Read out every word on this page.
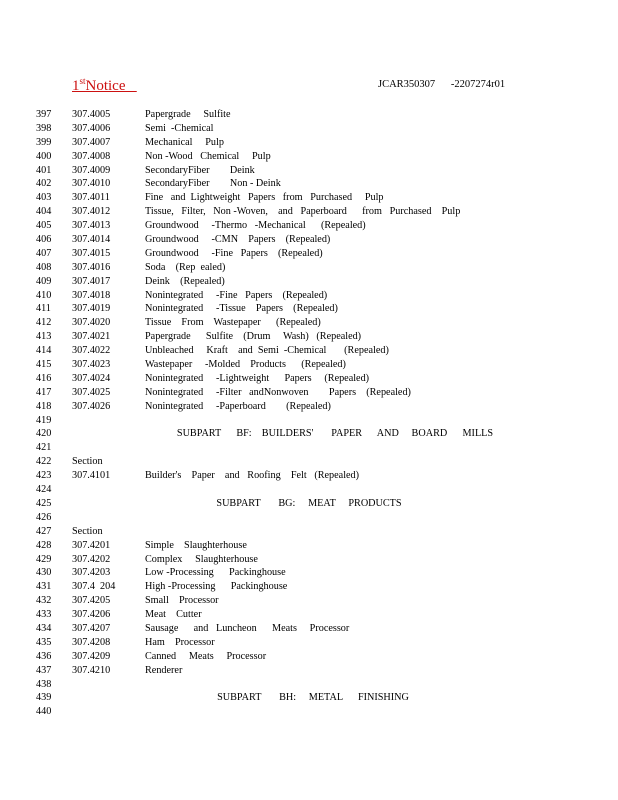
1stNotice	JCAR350307      -2207274r01
397 307.4005	Papergrade     Sulfite
398 307.4006	Semi  -Chemical
399 307.4007	Mechanical     Pulp
400 307.4008	Non -Wood   Chemical     Pulp
401 307.4009	SecondaryFiber        Deink
402 307.4010	SecondaryFiber        Non - Deink
403 307.4011	Fine   and  Lightweight   Papers   from   Purchased     Pulp
404 307.4012	Tissue,   Filter,   Non -Woven,    and   Paperboard      from   Purchased    Pulp
405 307.4013	Groundwood     -Thermo   -Mechanical      (Repealed)
406 307.4014	Groundwood     -CMN    Papers    (Repealed)
407 307.4015	Groundwood     -Fine   Papers    (Repealed)
408 307.4016	Soda    (Rep  ealed)
409 307.4017	Deink    (Repealed)
410 307.4018	Nonintegrated     -Fine   Papers    (Repealed)
411 307.4019	Nonintegrated     -Tissue    Papers    (Repealed)
412 307.4020	Tissue    From    Wastepaper      (Repealed)
413 307.4021	Papergrade      Sulfite    (Drum     Wash)   (Repealed)
414 307.4022	Unbleached     Kraft    and  Semi  -Chemical       (Repealed)
415 307.4023	Wastepaper     -Molded    Products      (Repealed)
416 307.4024	Nonintegrated     -Lightweight      Papers     (Repealed)
417 307.4025	Nonintegrated     -Filter   andNonwoven        Papers    (Repealed)
418 307.4026	Nonintegrated     -Paperboard        (Repealed)
419
420	SUBPART      BF:    BUILDERS'       PAPER      AND     BOARD      MILLS
421
422 Section
423 307.4101	Builder's    Paper    and   Roofing    Felt   (Repealed)
424
425	SUBPART       BG:     MEAT     PRODUCTS
426
427 Section
428 307.4201	Simple    Slaughterhouse
429 307.4202	Complex     Slaughterhouse
430 307.4203	Low -Processing      Packinghouse
431 307.4  204	High -Processing      Packinghouse
432 307.4205	Small    Processor
433 307.4206	Meat    Cutter
434 307.4207	Sausage      and   Luncheon      Meats     Processor
435 307.4208	Ham    Processor
436 307.4209	Canned     Meats     Processor
437 307.4210	Renderer
438
439	SUBPART       BH:     METAL      FINISHING
440
